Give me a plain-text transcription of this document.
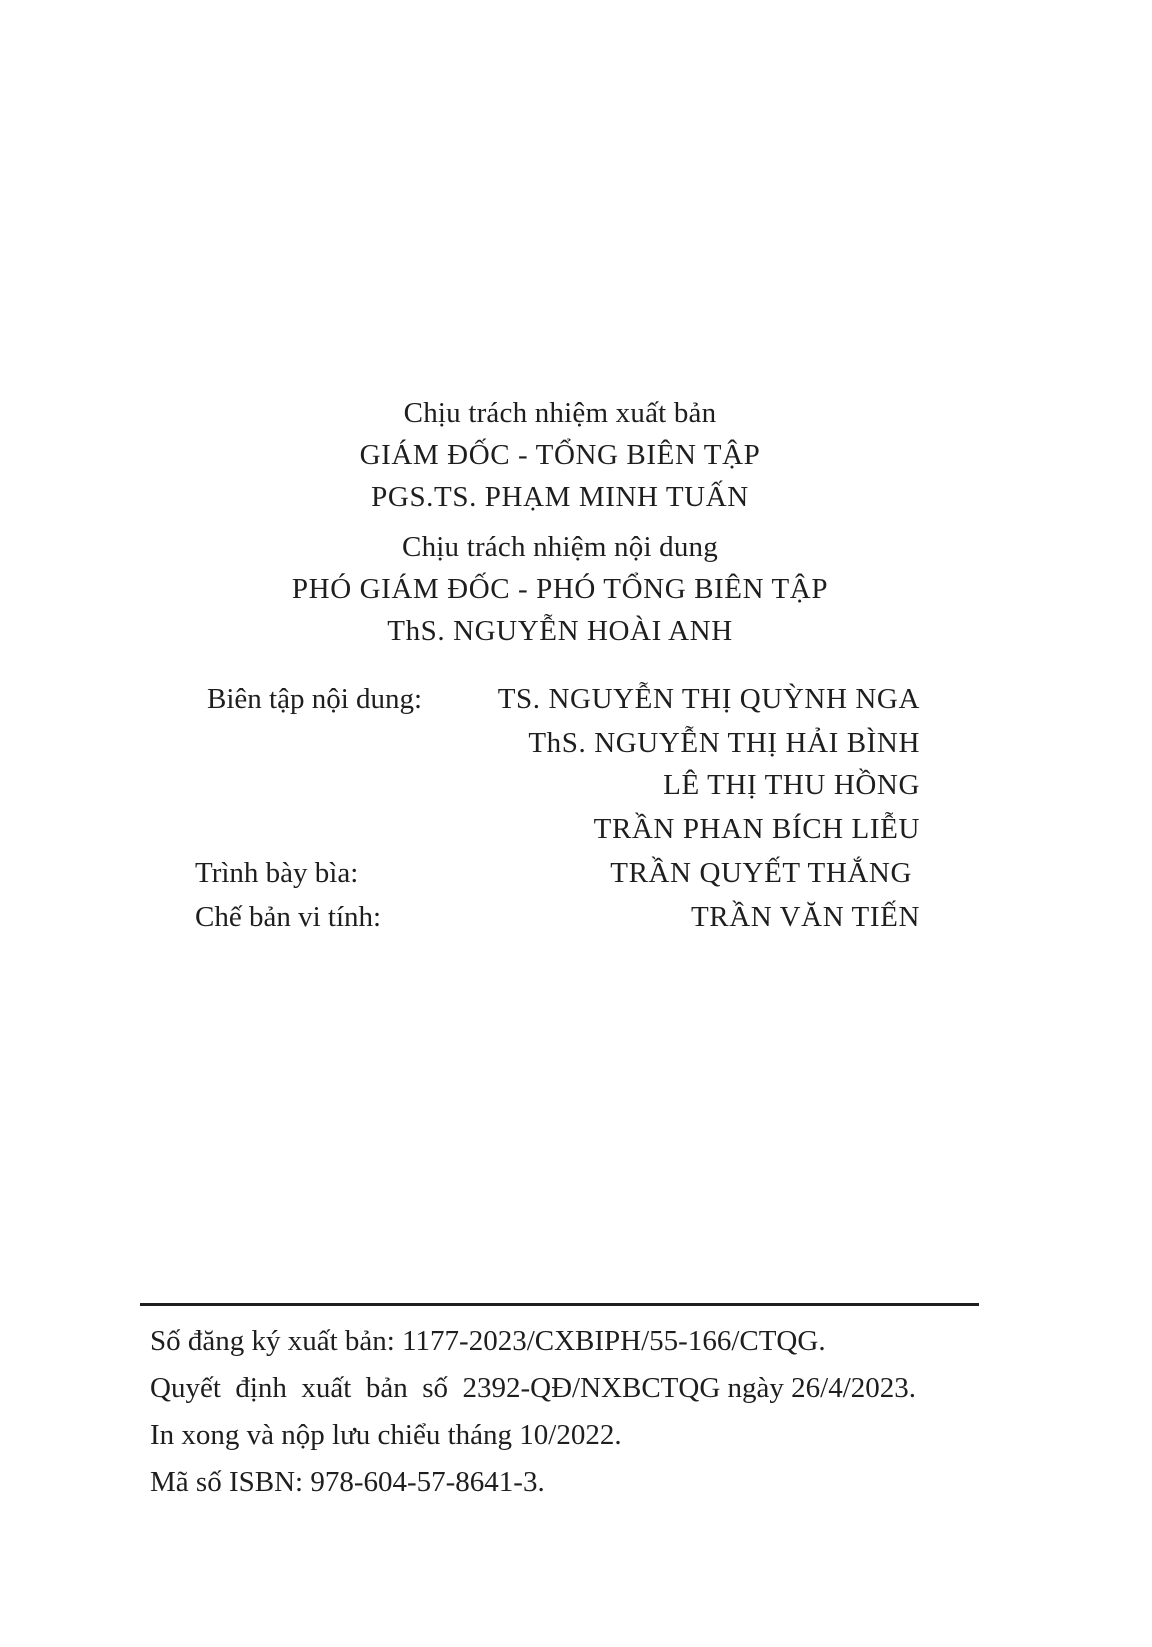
Chịu trách nhiệm xuất bản
GIÁM ĐỐC - TỔNG BIÊN TẬP
PGS.TS. PHẠM MINH TUẤN
Chịu trách nhiệm nội dung
PHÓ GIÁM ĐỐC - PHÓ TỔNG BIÊN TẬP
ThS. NGUYỄN HOÀI ANH
Biên tập nội dung:	TS. NGUYỄN THỊ QUỲNH NGA
ThS. NGUYỄN THỊ HẢI BÌNH
LÊ THỊ THU HỒNG
TRẦN PHAN BÍCH LIỄU
Trình bày bìa:	TRẦN QUYẾT THẮNG
Chế bản vi tính:	TRẦN VĂN TIẾN
Số đăng ký xuất bản: 1177-2023/CXBIPH/55-166/CTQG.
Quyết  định  xuất  bản  số  2392-QĐ/NXBCTQG ngày 26/4/2023.
In xong và nộp lưu chiểu tháng 10/2022.
Mã số ISBN: 978-604-57-8641-3.
